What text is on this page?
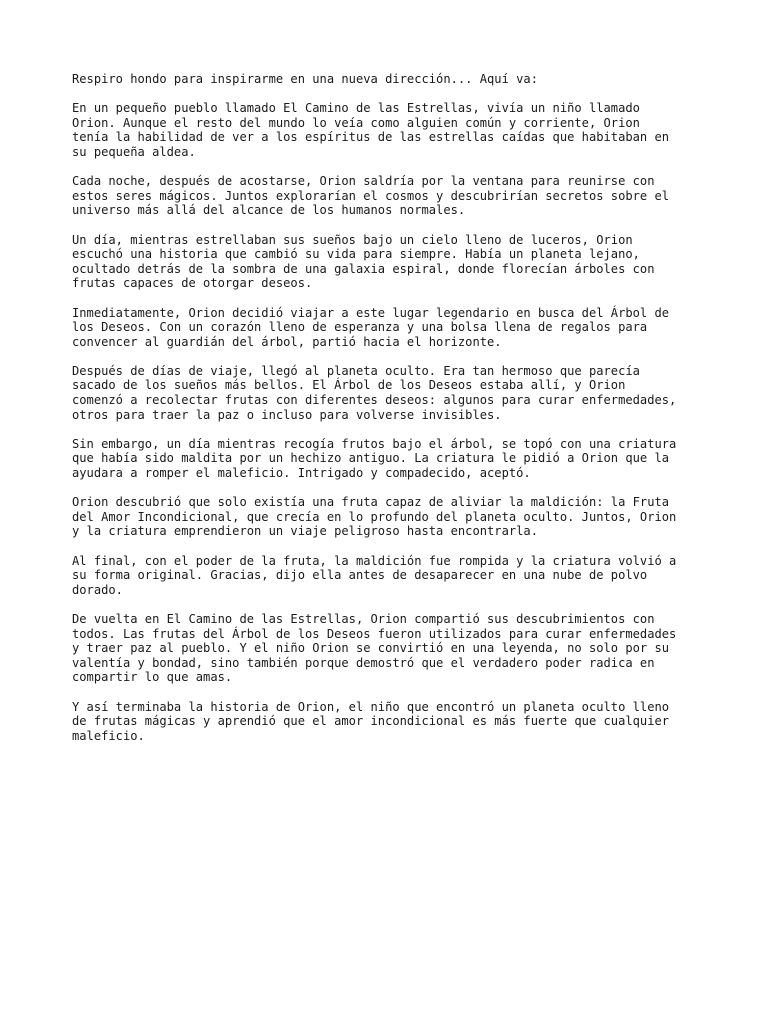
Respiro hondo para inspirarme en una nueva dirección... Aquí va:

En un pequeño pueblo llamado El Camino de las Estrellas, vivía un niño llamado
Orion. Aunque el resto del mundo lo veía como alguien común y corriente, Orion
tenía la habilidad de ver a los espíritus de las estrellas caídas que habitaban en
su pequeña aldea.

Cada noche, después de acostarse, Orion saldría por la ventana para reunirse con
estos seres mágicos. Juntos explorarían el cosmos y descubrirían secretos sobre el
universo más allá del alcance de los humanos normales.

Un día, mientras estrellaban sus sueños bajo un cielo lleno de luceros, Orion
escuchó una historia que cambió su vida para siempre. Había un planeta lejano,
ocultado detrás de la sombra de una galaxia espiral, donde florecían árboles con
frutas capaces de otorgar deseos.

Inmediatamente, Orion decidió viajar a este lugar legendario en busca del Árbol de
los Deseos. Con un corazón lleno de esperanza y una bolsa llena de regalos para
convencer al guardián del árbol, partió hacia el horizonte.

Después de días de viaje, llegó al planeta oculto. Era tan hermoso que parecía
sacado de los sueños más bellos. El Árbol de los Deseos estaba allí, y Orion
comenzó a recolectar frutas con diferentes deseos: algunos para curar enfermedades,
otros para traer la paz o incluso para volverse invisibles.

Sin embargo, un día mientras recogía frutos bajo el árbol, se topó con una criatura
que había sido maldita por un hechizo antiguo. La criatura le pidió a Orion que la
ayudara a romper el maleficio. Intrigado y compadecido, aceptó.

Orion descubrió que solo existía una fruta capaz de aliviar la maldición: la Fruta
del Amor Incondicional, que crecía en lo profundo del planeta oculto. Juntos, Orion
y la criatura emprendieron un viaje peligroso hasta encontrarla.

Al final, con el poder de la fruta, la maldición fue rompida y la criatura volvió a
su forma original. Gracias, dijo ella antes de desaparecer en una nube de polvo
dorado.

De vuelta en El Camino de las Estrellas, Orion compartió sus descubrimientos con
todos. Las frutas del Árbol de los Deseos fueron utilizados para curar enfermedades
y traer paz al pueblo. Y el niño Orion se convirtió en una leyenda, no solo por su
valentía y bondad, sino también porque demostró que el verdadero poder radica en
compartir lo que amas.

Y así terminaba la historia de Orion, el niño que encontró un planeta oculto lleno
de frutas mágicas y aprendió que el amor incondicional es más fuerte que cualquier
maleficio.
